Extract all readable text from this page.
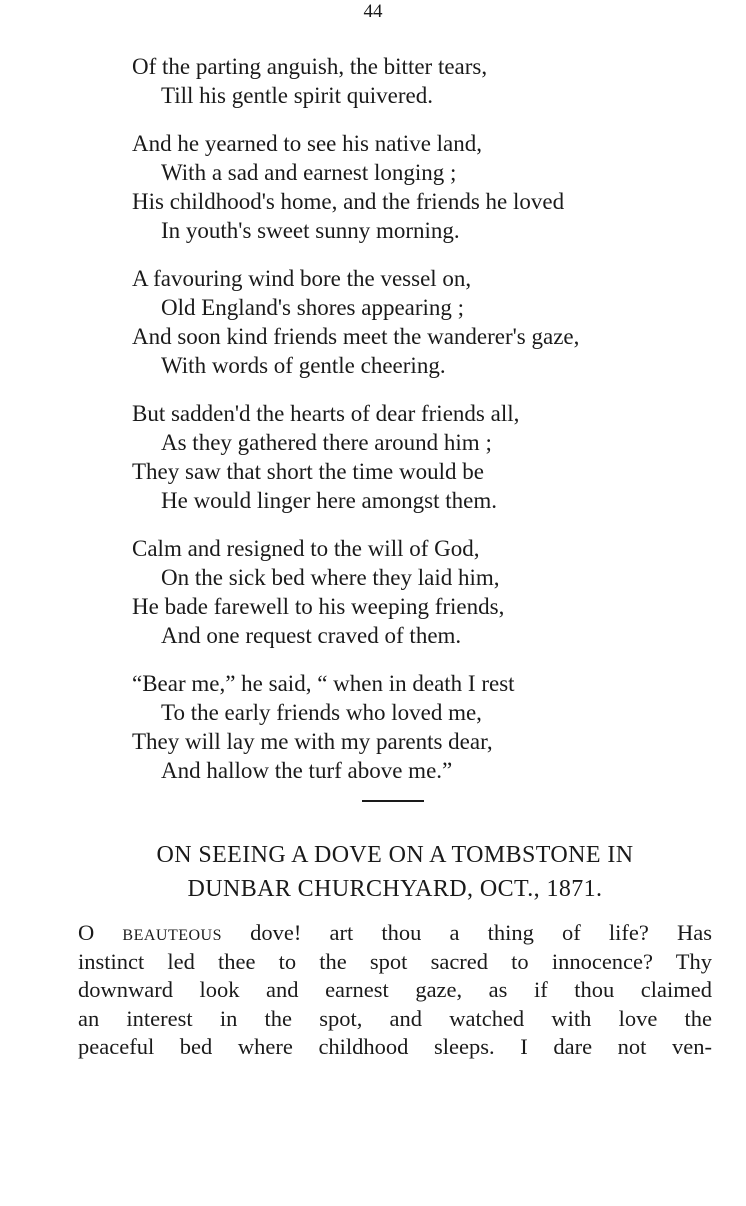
44
Of the parting anguish, the bitter tears,
Till his gentle spirit quivered.
And he yearned to see his native land,
With a sad and earnest longing ;
His childhood's home, and the friends he loved
In youth's sweet sunny morning.
A favouring wind bore the vessel on,
Old England's shores appearing ;
And soon kind friends meet the wanderer's gaze,
With words of gentle cheering.
But sadden'd the hearts of dear friends all,
As they gathered there around him ;
They saw that short the time would be
He would linger here amongst them.
Calm and resigned to the will of God,
On the sick bed where they laid him,
He bade farewell to his weeping friends,
And one request craved of them.
“Bear me,” he said, “ when in death I rest
To the early friends who loved me,
They will lay me with my parents dear,
And hallow the turf above me.”
ON SEEING A DOVE ON A TOMBSTONE IN
DUNBAR CHURCHYARD, OCT., 1871.
O beauteous dove! art thou a thing of life? Has
instinct led thee to the spot sacred to innocence? Thy
downward look and earnest gaze, as if thou claimed
an interest in the spot, and watched with love the
peaceful bed where childhood sleeps. I dare not ven-
